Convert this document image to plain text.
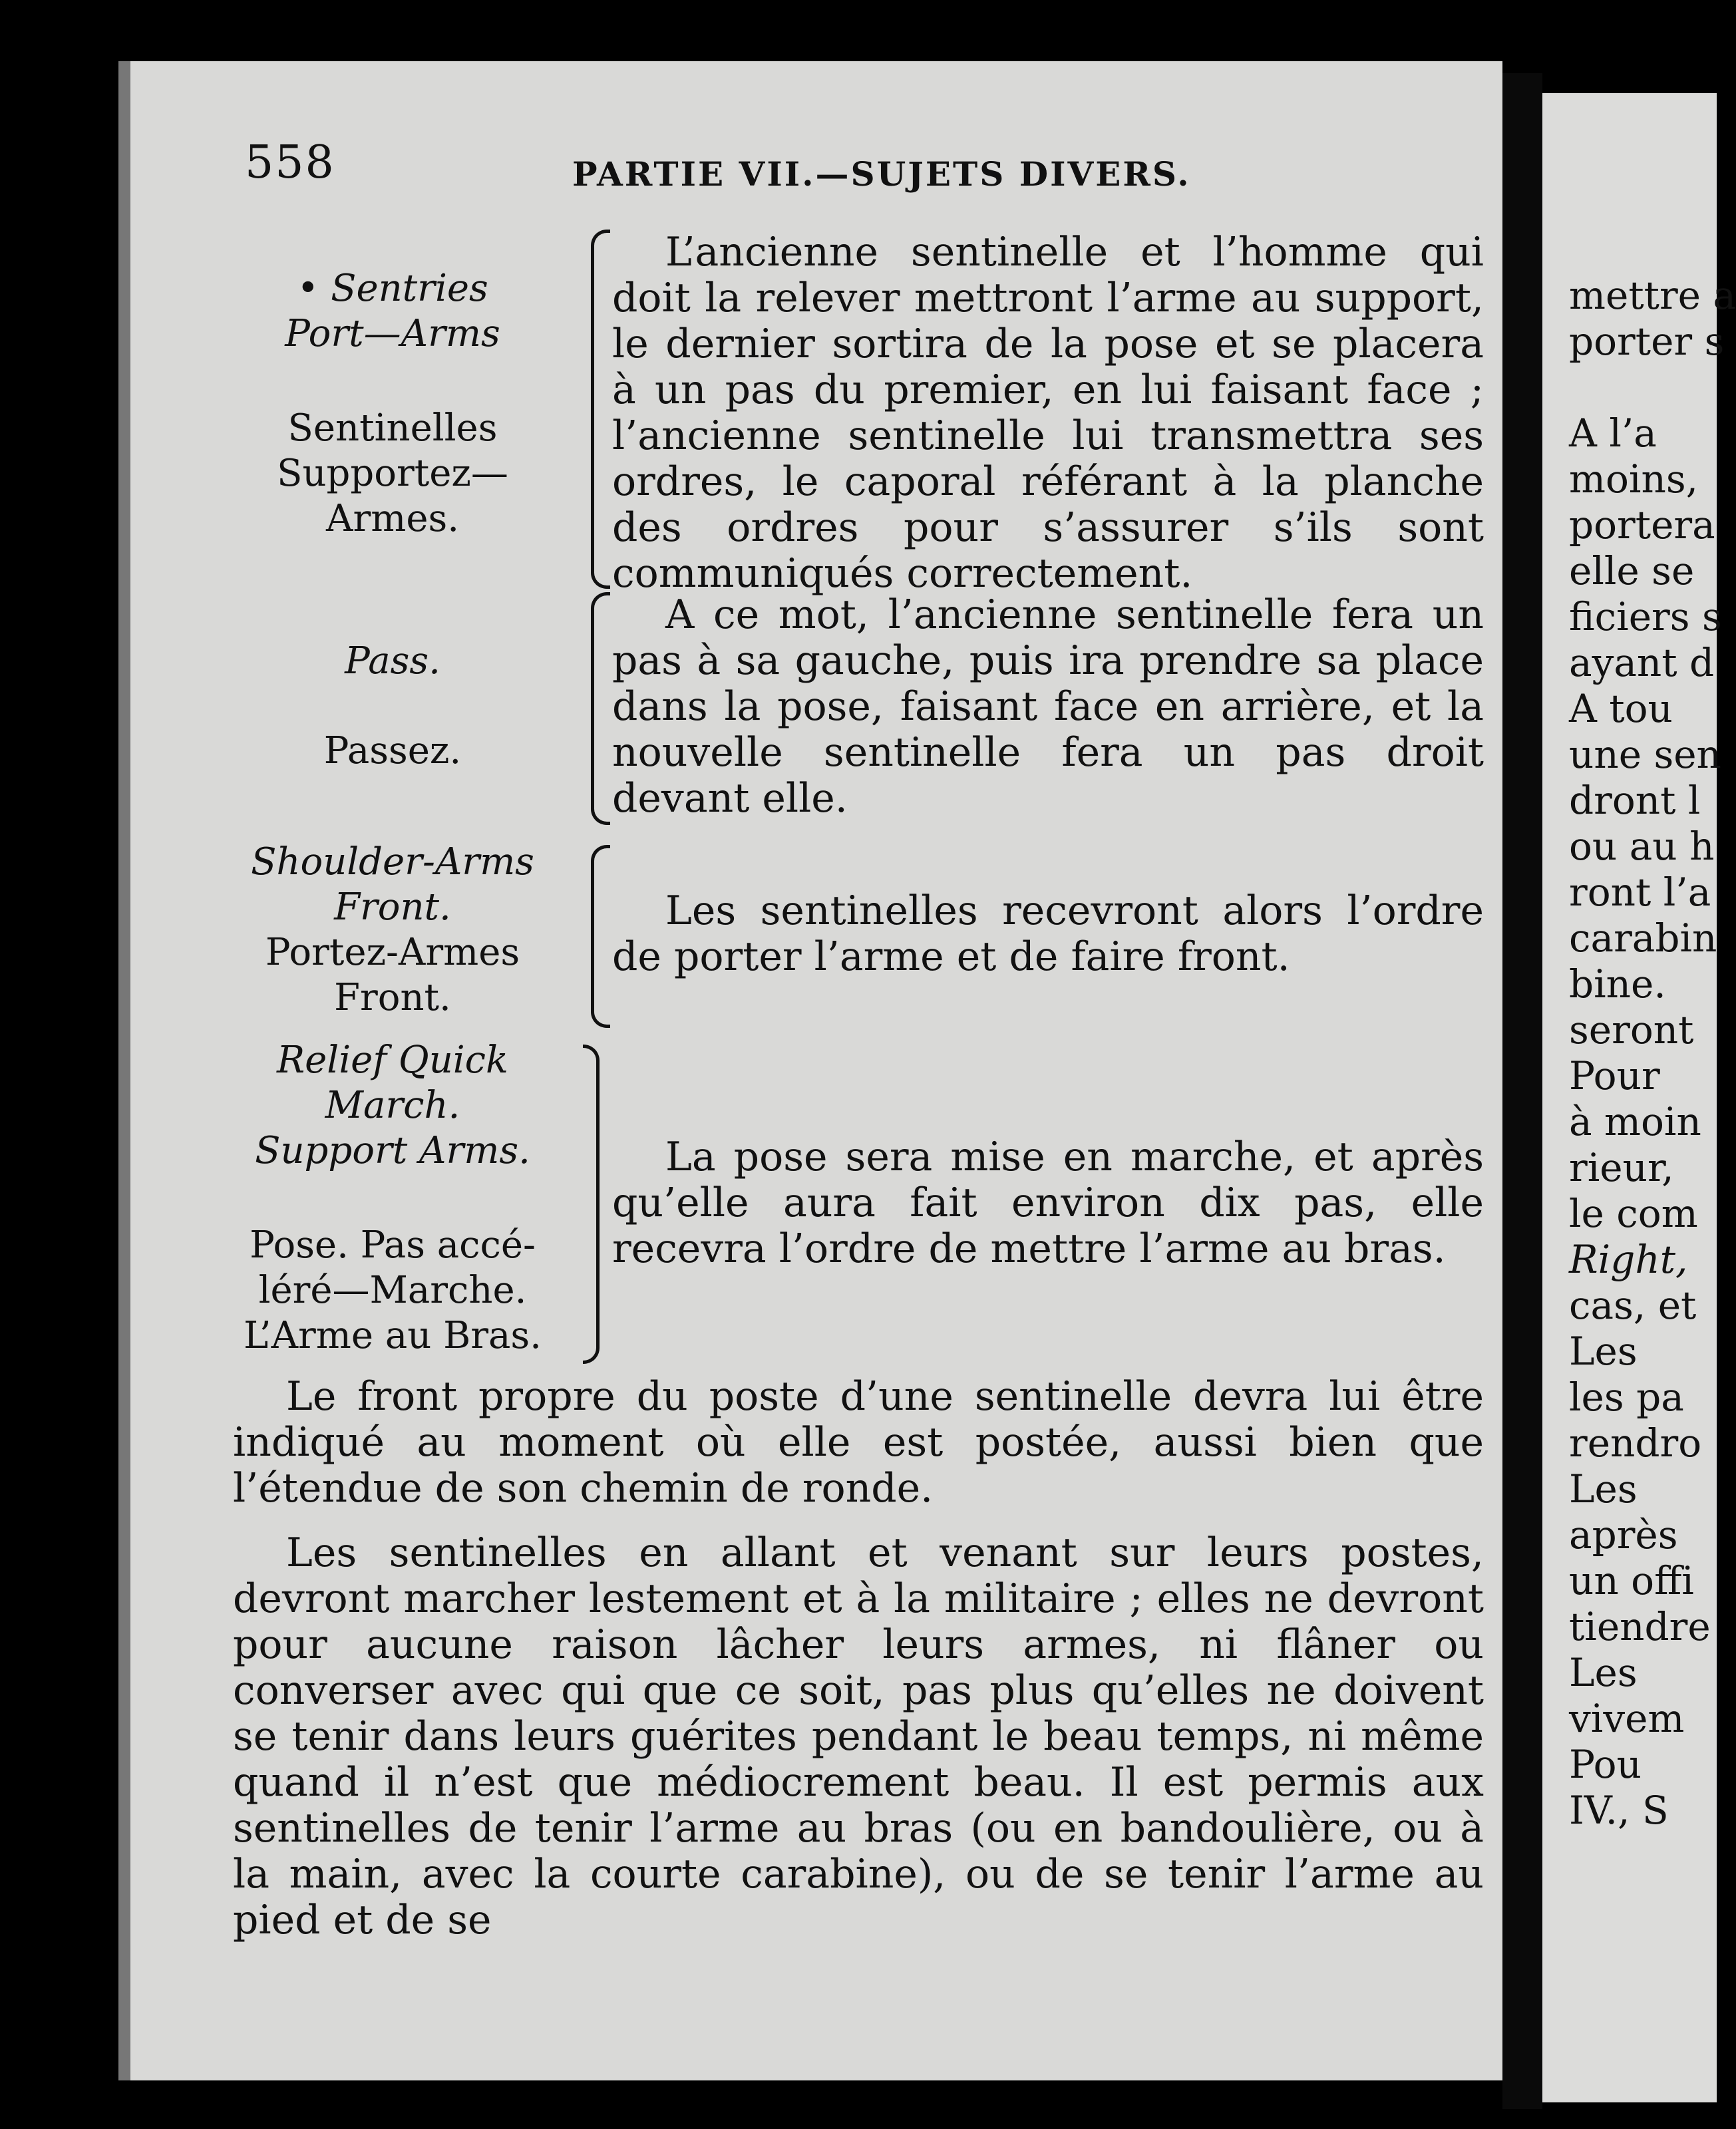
558	PARTIE VII.—SUJETS DIVERS.
• Sentries
Port—Arms
Sentinelles
Supportez—
Armes.
L’ancienne sentinelle et l’homme qui doit la relever mettront l’arme au support, le dernier sortira de la pose et se placera à un pas du premier, en lui faisant face ; l’ancienne sentinelle lui transmettra ses ordres, le caporal référant à la planche des ordres pour s’assurer s’ils sont communiqués correctement.
Pass.
Passez.
A ce mot, l’ancienne sentinelle fera un pas à sa gauche, puis ira prendre sa place dans la pose, faisant face en arrière, et la nouvelle sentinelle fera un pas droit devant elle.
Shoulder-Arms
Front.
Portez-Armes
Front.
Les sentinelles recevront alors l’ordre de porter l’arme et de faire front.
Relief Quick
March.
Support Arms.
Pose. Pas accé-
léré—Marche.
L’Arme au Bras.
La pose sera mise en marche, et après qu’elle aura fait environ dix pas, elle recevra l’ordre de mettre l’arme au bras.
Le front propre du poste d’une sentinelle devra lui être indiqué au moment où elle est postée, aussi bien que l’étendue de son chemin de ronde.
Les sentinelles en allant et venant sur leurs postes, devront marcher lestement et à la militaire ; elles ne devront pour aucune raison lâcher leurs armes, ni flâner ou converser avec qui que ce soit, pas plus qu’elles ne doivent se tenir dans leurs guérites pendant le beau temps, ni même quand il n’est que médiocrement beau. Il est permis aux sentinelles de tenir l’arme au bras (ou en bandoulière, ou à la main, avec la courte carabine), ou de se tenir l’arme au pied et de se
mettre a
porter s

A l’a
moins,
portera
elle se
ficiers s
ayant d
A tou
une sen
dront l
ou au h
ront l’a
carabin
bine.
seront
Pour
à moin
rieur,
le com
Right,
cas, et
Les
les pa
rendro
Les
après
un offi
tiendre
Les
vivem
Pou
IV., S
